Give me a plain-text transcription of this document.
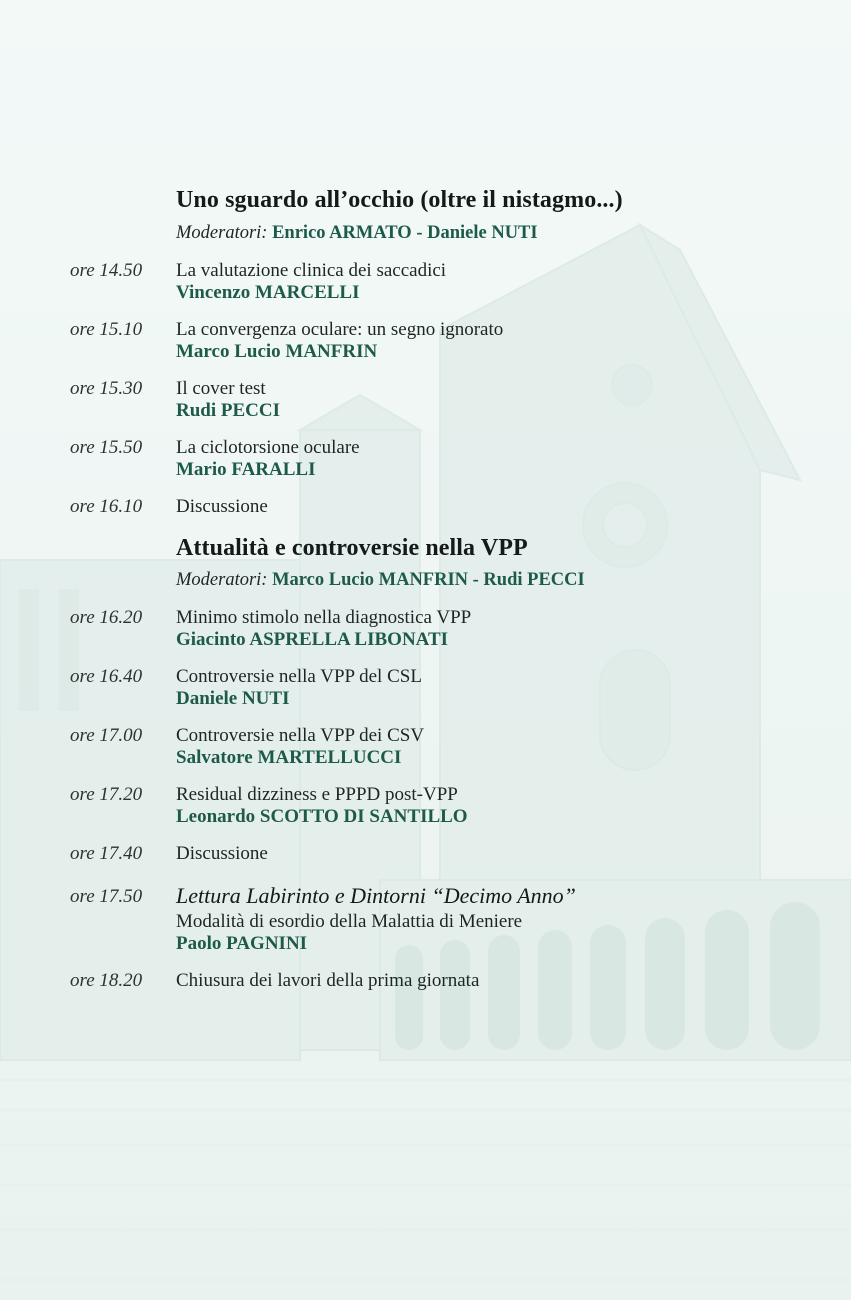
Uno sguardo all’occhio (oltre il nistagmo...)
Moderatori: Enrico ARMATO - Daniele NUTI
ore 14.50 La valutazione clinica dei saccadici
Vincenzo MARCELLI
ore 15.10 La convergenza oculare: un segno ignorato
Marco Lucio MANFRIN
ore 15.30 Il cover test
Rudi PECCI
ore 15.50 La ciclotorsione oculare
Mario FARALLI
ore 16.10 Discussione
Attualità e controversie nella VPP
Moderatori: Marco Lucio MANFRIN - Rudi PECCI
ore 16.20 Minimo stimolo nella diagnostica VPP
Giacinto ASPRELLA LIBONATI
ore 16.40 Controversie nella VPP del CSL
Daniele NUTI
ore 17.00 Controversie nella VPP dei CSV
Salvatore MARTELLUCCI
ore 17.20 Residual dizziness e PPPD post-VPP
Leonardo SCOTTO DI SANTILLO
ore 17.40 Discussione
ore 17.50 Lettura Labirinto e Dintorni “Decimo Anno”
Modalità di esordio della Malattia di Meniere
Paolo PAGNINI
ore 18.20 Chiusura dei lavori della prima giornata
